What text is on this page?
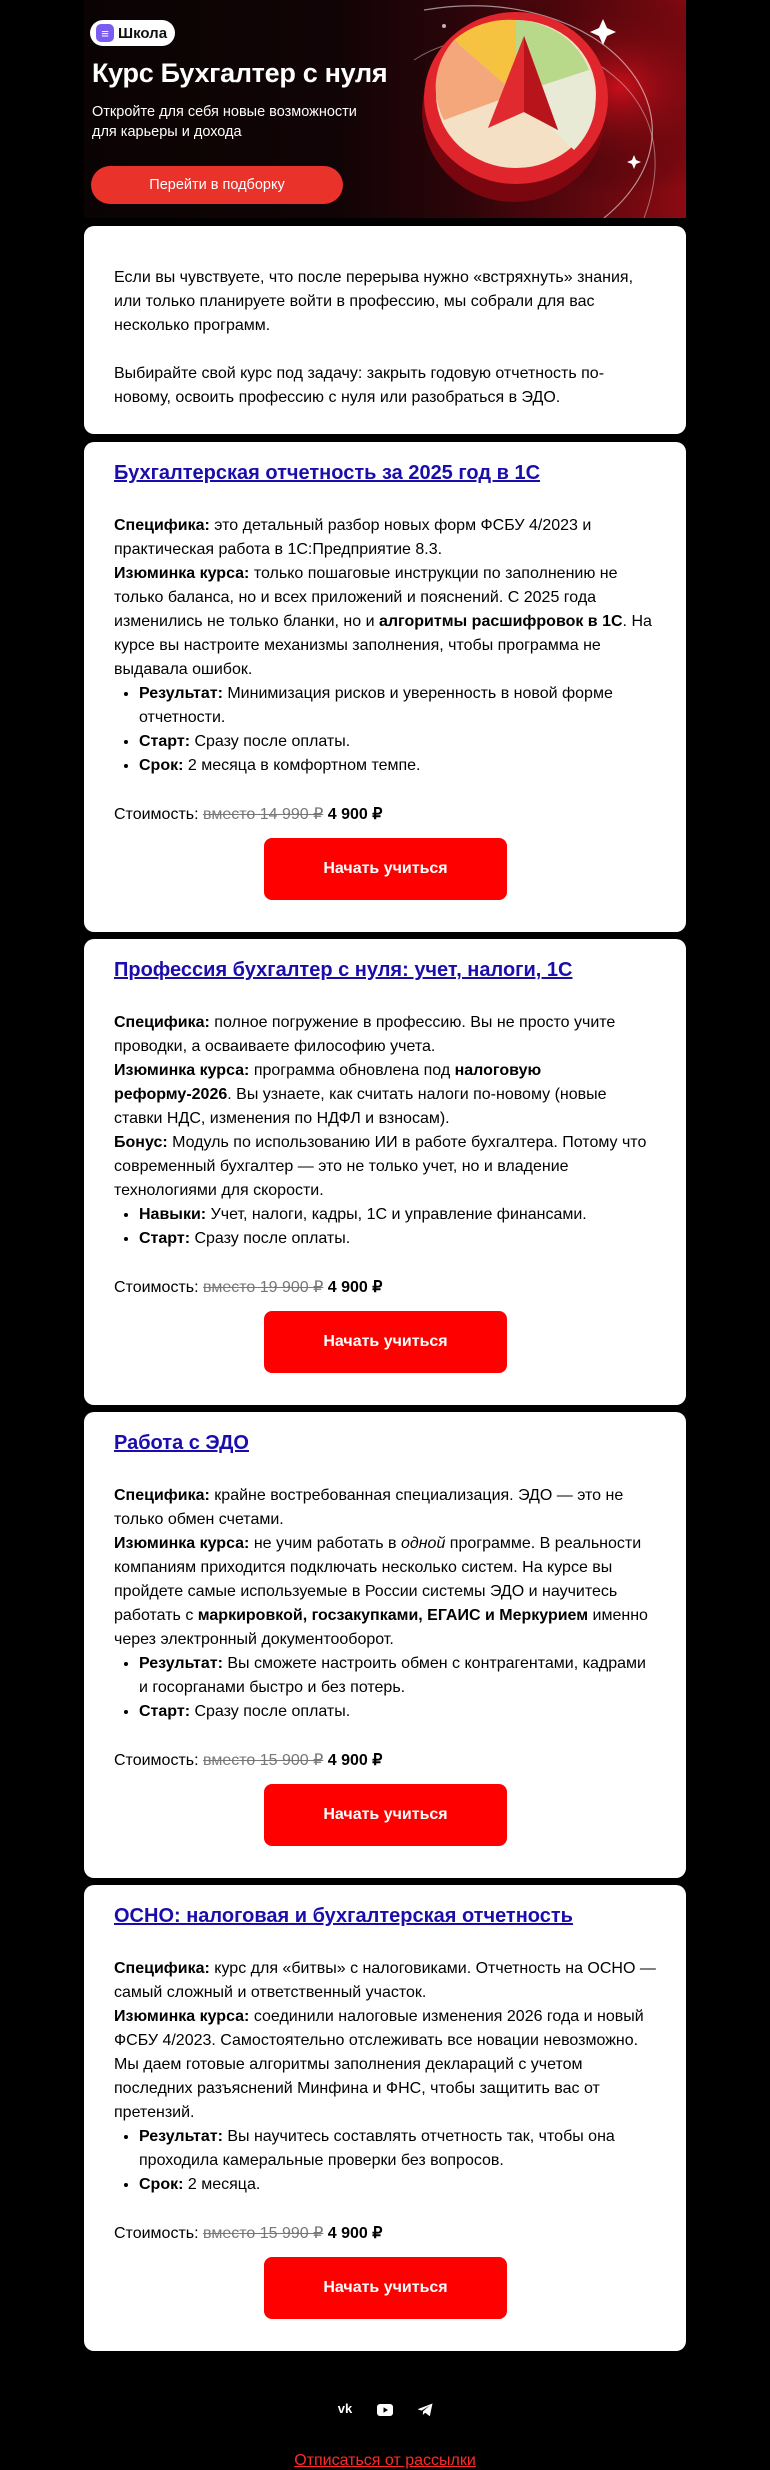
≡ Школа
Курс Бухгалтер с нуля
Откройте для себя новые возможности
для карьеры и дохода
Перейти в подборку

Если вы чувствуете, что после перерыва нужно «встряхнуть» знания, или только планируете войти в профессию, мы собрали для вас несколько программ.

Выбирайте свой курс под задачу: закрыть годовую отчетность по-новому, освоить профессию с нуля или разобраться в ЭДО.

Бухгалтерская отчетность за 2025 год в 1С

Специфика: это детальный разбор новых форм ФСБУ 4/2023 и практическая работа в 1С:Предприятие 8.3.

Изюминка курса: только пошаговые инструкции по заполнению не только баланса, но и всех приложений и пояснений. С 2025 года изменились не только бланки, но и алгоритмы расшифровок в 1С. На курсе вы настроите механизмы заполнения, чтобы программа не выдавала ошибок.

• Результат: Минимизация рисков и уверенность в новой форме отчетности.
• Старт: Сразу после оплаты.
• Срок: 2 месяца в комфортном темпе.
Стоимость: вместо 14 990 ₽ 4 900 ₽
Начать учиться
Профессия бухгалтер с нуля: учет, налоги, 1С

Специфика: полное погружение в профессию. Вы не просто учите проводки, а осваиваете философию учета.

Изюминка курса: программа обновлена под налоговую реформу-2026. Вы узнаете, как считать налоги по-новому (новые ставки НДС, изменения по НДФЛ и взносам).

Бонус: Модуль по использованию ИИ в работе бухгалтера. Потому что современный бухгалтер — это не только учет, но и владение технологиями для скорости.

• Навыки: Учет, налоги, кадры, 1С и управление финансами.
• Старт: Сразу после оплаты.
Стоимость: вместо 19 900 ₽ 4 900 ₽
Начать учиться
Работа с ЭДО

Специфика: крайне востребованная специализация. ЭДО — это не только обмен счетами.

Изюминка курса: не учим работать в одной программе. В реальности компаниям приходится подключать несколько систем. На курсе вы пройдете самые используемые в России системы ЭДО и научитесь работать с маркировкой, госзакупками, ЕГАИС и Меркурием именно через электронный документооборот.

• Результат: Вы сможете настроить обмен с контрагентами, кадрами и госорганами быстро и без потерь.
• Старт: Сразу после оплаты.
Стоимость: вместо 15 900 ₽ 4 900 ₽
Начать учиться
ОСНО: налоговая и бухгалтерская отчетность

Специфика: курс для «битвы» с налоговиками. Отчетность на ОСНО — самый сложный и ответственный участок.

Изюминка курса: соединили налоговые изменения 2026 года и новый ФСБУ 4/2023. Самостоятельно отслеживать все новации невозможно. Мы даем готовые алгоритмы заполнения деклараций с учетом последних разъяснений Минфина и ФНС, чтобы защитить вас от претензий.

• Результат: Вы научитесь составлять отчетность так, чтобы она проходила камеральные проверки без вопросов.
• Срок: 2 месяца.
Стоимость: вместо 15 990 ₽ 4 900 ₽
Начать учиться
vk
Отписаться от рассылки
